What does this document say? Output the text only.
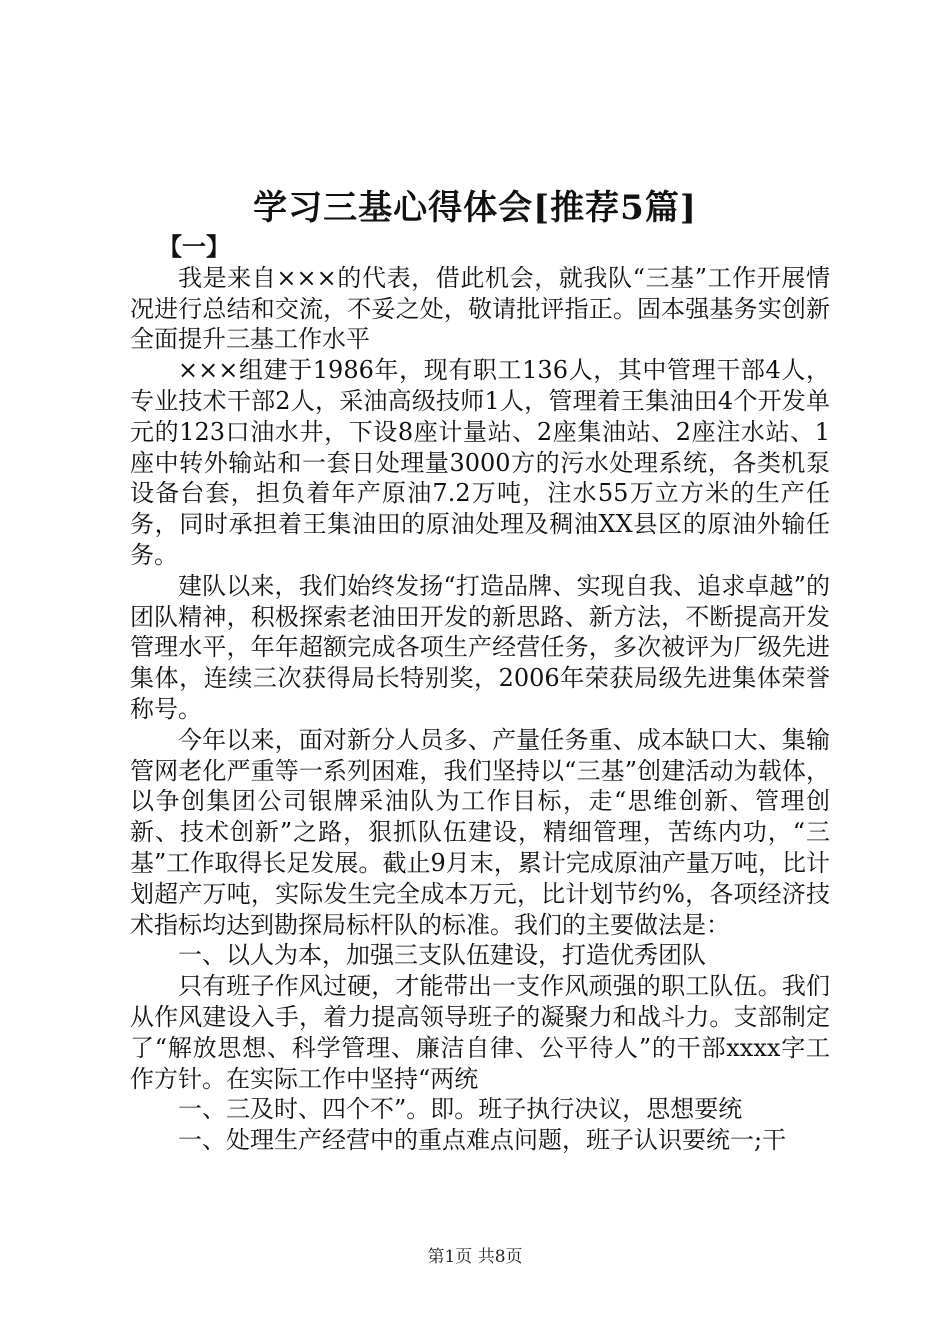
学习三基心得体会[推荐5篇]

【一】

我是来自×××的代表，借此机会，就我队“三基”工作开展情况进行总结和交流，不妥之处，敬请批评指正。固本强基务实创新全面提升三基工作水平

×××组建于1986年，现有职工136人，其中管理干部4人，专业技术干部2人，采油高级技师1人，管理着王集油田4个开发单元的123口油水井，下设8座计量站、2座集油站、2座注水站、1座中转外输站和一套日处理量3000方的污水处理系统，各类机泵设备台套，担负着年产原油7.2万吨，注水55万立方米的生产任务，同时承担着王集油田的原油处理及稠油XX县区的原油外输任务。

建队以来，我们始终发扬“打造品牌、实现自我、追求卓越”的团队精神，积极探索老油田开发的新思路、新方法，不断提高开发管理水平，年年超额完成各项生产经营任务，多次被评为厂级先进集体，连续三次获得局长特别奖，2006年荣获局级先进集体荣誉称号。

今年以来，面对新分人员多、产量任务重、成本缺口大、集输管网老化严重等一系列困难，我们坚持以“三基”创建活动为载体，以争创集团公司银牌采油队为工作目标，走“思维创新、管理创新、技术创新”之路，狠抓队伍建设，精细管理，苦练内功，“三基”工作取得长足发展。截止9月末，累计完成原油产量万吨，比计划超产万吨，实际发生完全成本万元，比计划节约%，各项经济技术指标均达到勘探局标杆队的标准。我们的主要做法是：

一、以人为本，加强三支队伍建设，打造优秀团队

只有班子作风过硬，才能带出一支作风顽强的职工队伍。我们从作风建设入手，着力提高领导班子的凝聚力和战斗力。支部制定了“解放思想、科学管理、廉洁自律、公平待人”的干部xxxx字工作方针。在实际工作中坚持“两统

一、三及时、四个不”。即。班子执行决议，思想要统

一、处理生产经营中的重点难点问题，班子认识要统一;干

第1页 共8页
